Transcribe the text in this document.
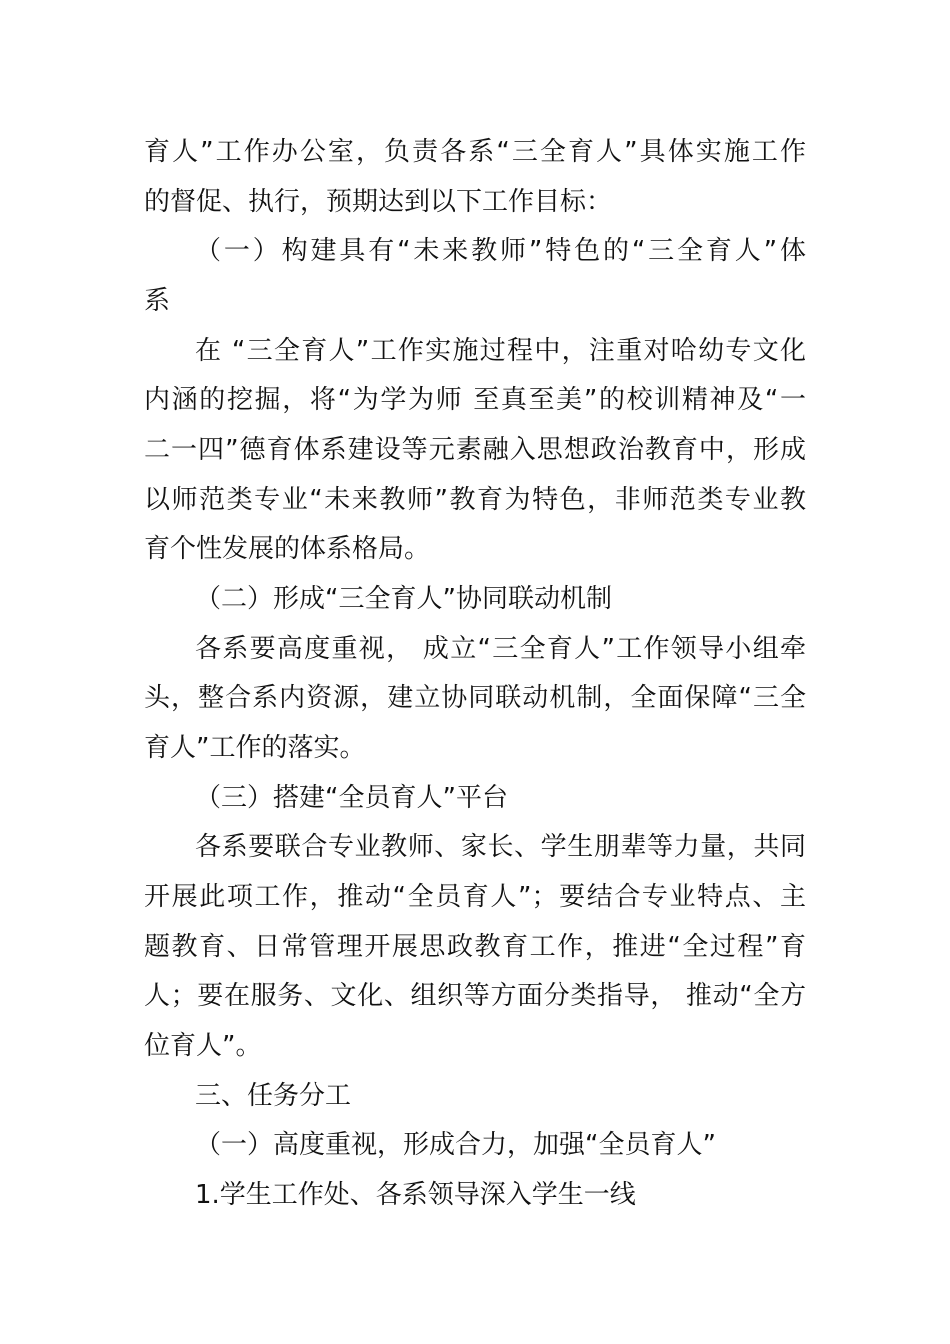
育人”工作办公室，负责各系“三全育人”具体实施工作
的督促、执行，预期达到以下工作目标：
（一）构建具有“未来教师”特色的“三全育人”体
系
在 “三全育人”工作实施过程中，注重对哈幼专文化
内涵的挖掘，将“为学为师 至真至美”的校训精神及“一
二一四”德育体系建设等元素融入思想政治教育中，形成
以师范类专业“未来教师”教育为特色，非师范类专业教
育个性发展的体系格局。
（二）形成“三全育人”协同联动机制
各系要高度重视， 成立“三全育人”工作领导小组牵
头，整合系内资源，建立协同联动机制，全面保障“三全
育人”工作的落实。
（三）搭建“全员育人”平台
各系要联合专业教师、家长、学生朋辈等力量，共同
开展此项工作，推动“全员育人”；要结合专业特点、主
题教育、日常管理开展思政教育工作，推进“全过程”育
人；要在服务、文化、组织等方面分类指导， 推动“全方
位育人”。
三、任务分工
（一）高度重视，形成合力，加强“全员育人”
1.学生工作处、各系领导深入学生一线
